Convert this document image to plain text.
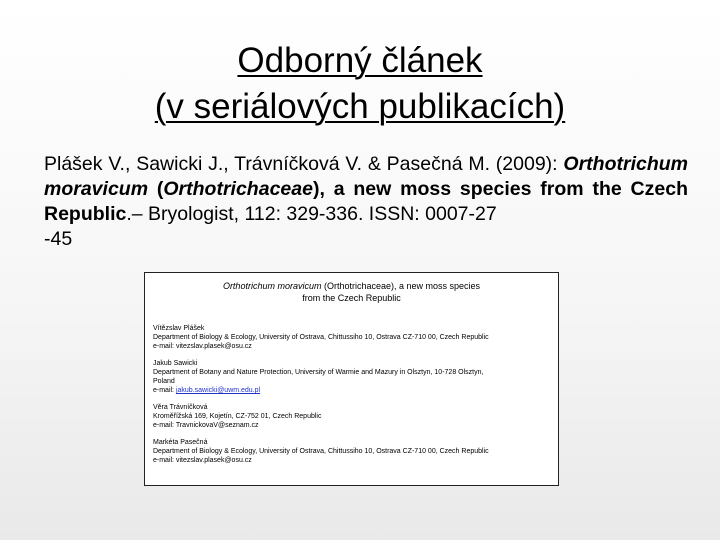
Odborný článek
(v seriálových publikacích)
Plášek V., Sawicki J., Trávníčková V. & Pasečná M. (2009): Orthotrichum moravicum (Orthotrichaceae), a new moss species from the Czech Republic.– Bryologist, 112: 329-336. ISSN: 0007-27
-45
Orthotrichum moravicum (Orthotrichaceae), a new moss species
from the Czech Republic
Vítězslav Plášek
Department of Biology & Ecology, University of Ostrava, Chittussiho 10, Ostrava CZ-710 00, Czech Republic
e-mail: vitezslav.plasek@osu.cz
Jakub Sawicki
Department of Botany and Nature Protection, University of Warmie and Mazury in Olsztyn, 10-728 Olsztyn,
Poland
e-mail: jakub.sawicki@uwm.edu.pl
Věra Trávníčková
Kroměřížská 169, Kojetín, CZ-752 01, Czech Republic
e-mail: TravnickovaV@seznam.cz
Markéta Pasečná
Department of Biology & Ecology, University of Ostrava, Chittussiho 10, Ostrava CZ-710 00, Czech Republic
e-mail: vitezslav.plasek@osu.cz
